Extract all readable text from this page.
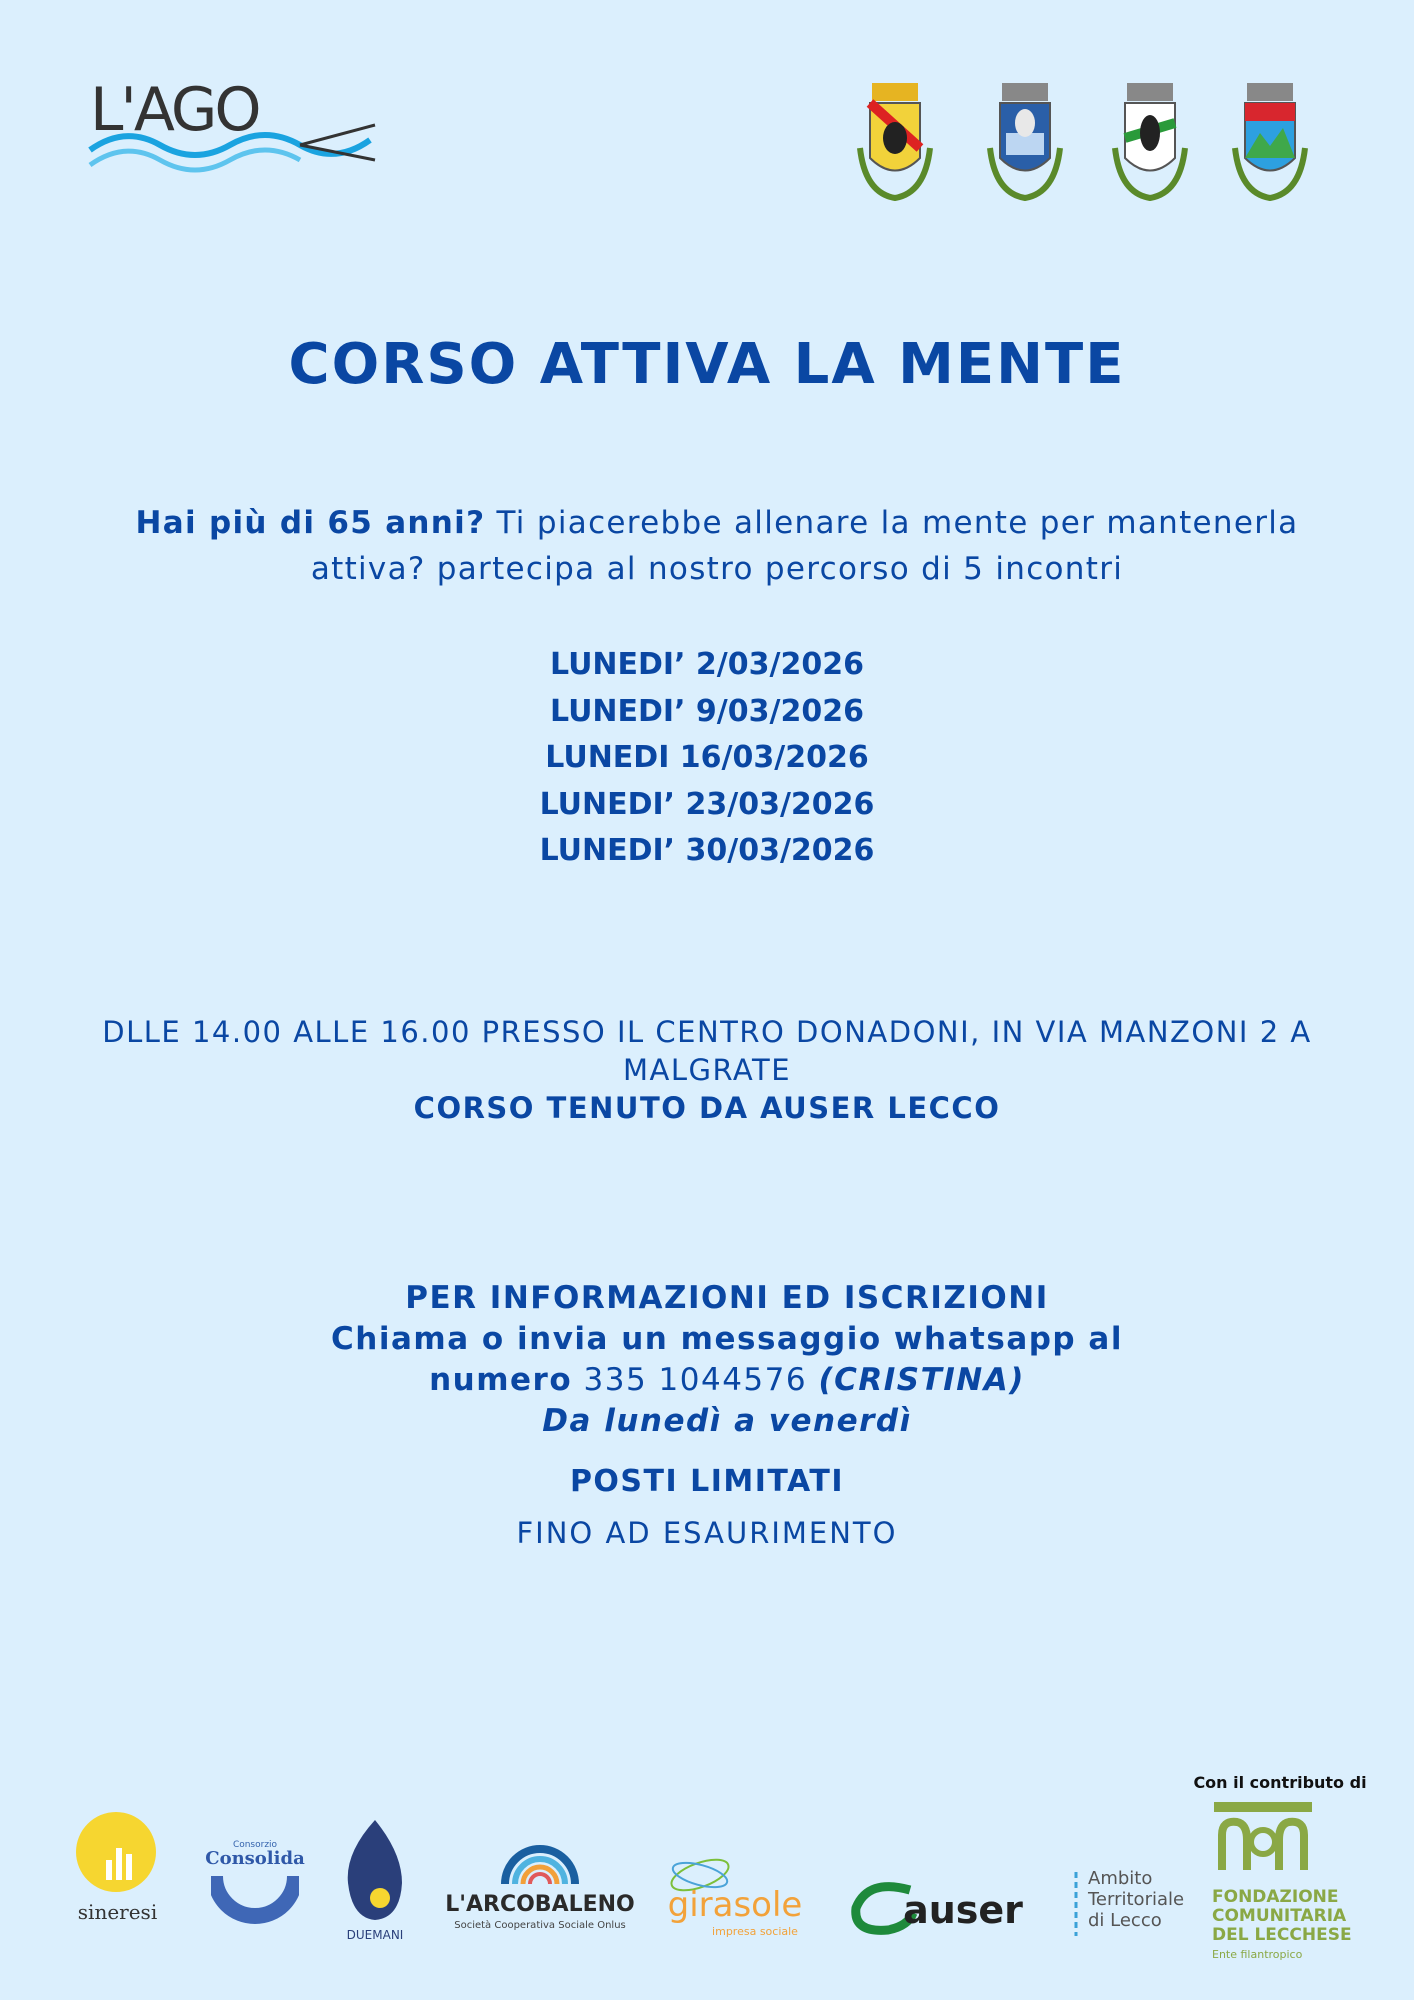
L'AGO
CORSO ATTIVA LA MENTE
Hai più di 65 anni? Ti piacerebbe allenare la mente per mantenerla attiva? partecipa al nostro percorso di 5 incontri
LUNEDI’ 2/03/2026
LUNEDI’ 9/03/2026
LUNEDI 16/03/2026
LUNEDI’ 23/03/2026
LUNEDI’ 30/03/2026
DLLE 14.00 ALLE 16.00 PRESSO IL CENTRO DONADONI, IN VIA MANZONI 2 A MALGRATE
CORSO TENUTO DA AUSER LECCO
PER INFORMAZIONI ED ISCRIZIONI
Chiama o invia un messaggio whatsapp al
numero 335 1044576 (CRISTINA)
Da lunedì a venerdì
POSTI LIMITATI
FINO AD ESAURIMENTO
Con il contributo di
sineresi
Consorzio
Consolida
DUEMANI
L'ARCOBALENO
Società Cooperativa Sociale Onlus
girasole
impresa sociale	auser
Ambito
Territoriale
di Lecco
FONDAZIONE
COMUNITARIA
DEL LECCHESE
Ente filantropico
